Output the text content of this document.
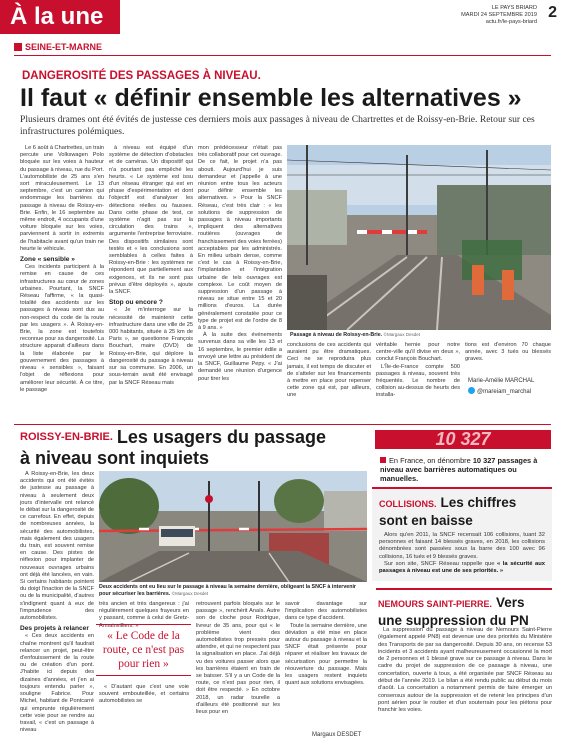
À la une	LE PAYS BRIARD
MARDI 24 SEPTEMBRE 2019
actu.fr/le-pays-briard
2
SEINE-ET-MARNE
DANGEROSITÉ DES PASSAGES À NIVEAU.
Il faut « définir ensemble les alternatives »
Plusieurs drames ont été évités de justesse ces derniers mois aux passages à niveau de Chartrettes et de Roissy-en-Brie. Retour sur ces infrastructures polémiques.

Le 6 août à Chartrettes, un train percute une Volkswagen Polo bloquée sur les voies à hauteur du passage à niveau, rue du Port. L'automobiliste de 25 ans s'en sort miraculeusement. Le 13 septembre, c'est un camion qui endommage les barrières du passage à niveau de Roissy-en-Brie. Enfin, le 16 septembre au même endroit, 4 occupants d'une voiture bloquée sur les voies, parviennent à sortir in extremis de l'habitacle avant qu'un train ne heurte le véhicule.

Zone « sensible »

Ces incidents participent à la remise en cause de ces infrastructures au cœur de zones urbaines. Pourtant, la SNCF Réseau l'affirme, « la quasi-totalité des accidents sur les passages à niveau sont dus au non-respect du code de la route par les usagers ». À Roissy-en-Brie, la zone est toutefois reconnue pour sa dangerosité. La structure apparait d'ailleurs dans la liste élaborée par le gouvernement des passages à niveau « sensibles », faisant l'objet de réflexions pour améliorer leur sécurité. À ce titre, le passage

à niveau est équipé d'un système de détection d'obstacles et de caméras. Un dispositif qui n'a pourtant pas empêché les heurts. « Le système est issu d'un réseau étranger qui est en phase d'expérimentation et dont l'objectif est d'analyser les détections réelles ou fausses. Dans cette phase de test, ce système n'agit pas sur la circulation des trains », argumente l'entreprise ferroviaire. Des dispositifs similaires sont testés et « les conclusions sont semblables à celles faites à Roissy-en-Brie : les systèmes ne répondent que partiellement aux exigences, et ils ne sont pas prévus d'être déployés », ajoute la SNCF.

Stop ou encore ?

« Je m'interroge sur la nécessité de maintenir cette infrastructure dans une ville de 25 000 habitants, située à 25 km de Paris », se questionne François Bouchart, maire (DVD) de Roissy-en-Brie, qui déplore la dangerosité du passage à niveau sur sa commune. En 2006, un sous-terrain avait été envisagé par la SNCF Réseau mais

mon prédécesseur n'était pas très collaboratif pour cet ouvrage. De ce fait, le projet n'a pas abouti. Aujourd'hui je suis demandeur et j'appelle à une réunion entre tous les acteurs pour définir ensemble les alternatives. » Pour la SNCF Réseau, c'est très clair : « les solutions de suppression de passages à niveau importants impliquent des alternatives routières (ouvrages de franchissement des voies ferrées) acceptables par les administrés. En milieu urbain dense, comme c'est le cas à Roissy-en-Brie, l'implantation et l'intégration urbaine de tels ouvrages est complexe. Le coût moyen de suppression d'un passage à niveau se situe entre 15 et 20 millions d'euros. La durée généralement constatée pour ce type de projet est de l'ordre de 8 à 9 ans. »

À la suite des événements survenus dans sa ville les 13 et 16 septembre, le premier édile a envoyé une lettre au président de la SNCF, Guillaume Pepy. « J'ai demandé une réunion d'urgence pour tirer les

Passage à niveau de Roissy-en-Brie. ©Margaux Desdet

conclusions de ces accidents qui auraient pu être dramatiques. Ceci ne se reproduira plus jamais, il est temps de discuter et de s'atteler sur les financements à mettre en place pour repenser cette zone qui est, par ailleurs, une

véritable hernie pour notre centre-ville qu'il divise en deux », conclut François Bouchart.

L'Île-de-France compte 500 passages à niveau, souvent très fréquentés. Le nombre de collision au-dessus de heurts des installa-

tions est d'environ 70 chaque année, avec 3 tués ou blessés graves.

Marie-Amélie MARCHAL
@mareiam_marchal
ROISSY-EN-BRIE. Les usagers du passage
à niveau sont inquiets
10 327
En France, on dénombre 10 327 passages à niveau avec barrières automatiques ou manuelles.

À Roissy-en-Brie, les deux accidents qui ont été évités de justesse au passage à niveau à seulement deux jours d'intervalle ont relancé le débat sur la dangerosité de ce carrefour. En effet, depuis de nombreuses années, la sécurité des automobilistes, mais également des usagers du train, est souvent remise en cause. Des pistes de réflexion pour implanter de nouveaux ouvrages urbains ont déjà été lancées, en vain. Si certains habitants pointent du doigt l'inaction de la SNCF ou de la municipalité, d'autres s'indignent quant à eux de l'imprudence des automobilistes.

Des projets à relancer

« Ces deux accidents en chaîne montrent qu'il faudrait relancer un projet, peut-être d'enfouissement de la route ou de création d'un pont. J'habite ici depuis des dizaines d'années, et j'en ai toujours entendu parler », souligne Fabrice. Pour Michel, habitant de Pontcarré qui emprunte régulièrement cette voie pour se rendre au travail, « c'est un passage à niveau

Deux accidents ont eu lieu sur le passage à niveau la semaine dernière, obligeant la SNCF à intervenir pour sécuriser les barrières. ©Margaux Desdet

très ancien et très dangereux : j'ai régulièrement quelques frayeurs en y passant, comme à celui de Gretz-Armainvilliers. »

« D'autant que c'est une voie souvent embouteillée, et certains automobilistes se

« Le Code de la route, ce n'est pas pour rien »

retrouvent parfois bloqués sur le passage », renchérit Anaïs. Autre son de cloche pour Rodrigue, livreur de 35 ans, pour qui « le problème vient des automobilistes trop pressés pour attendre, et qui ne respectent pas la signalisation en place. J'ai déjà vu des voitures passer alors que les barrières étaient en train de se baisser. S'il y a un Code de la route, ce n'est pas pour rien, il doit être respecté. » En octobre 2018, un radar tourelle a d'ailleurs été positionné sur les lieux pour en

savoir davantage sur l'implication des automobilistes dans ce type d'accident.

Toute la semaine dernière, une déviation a été mise en place autour du passage à niveau et la SNCF était présente pour réparer et réaliser les travaux de sécurisation pour permettre la réouverture du passage. Mais les usagers restent inquiets quant aux solutions envisagées.

Margaux DESDET
COLLISIONS. Les chiffres
sont en baisse

Alors qu'en 2011, la SNCF recensait 106 collisions, tuant 32 personnes et faisant 14 blessés graves, en 2018, les collisions dénombrées sont passées sous la barre des 100 avec 96 collisions, 16 tués et 9 blessés graves.

Sur son site, SNCF Réseau rappelle que « la sécurité aux passages à niveau est une de ses priorités. »

NEMOURS SAINT-PIERRE. Vers
une suppression du PN

La suppression du passage à niveau de Nemours Saint-Pierre (également appelé PN8) est devenue une des priorités du Ministère des Transports de par sa dangerosité. Depuis 30 ans, on recense 53 incidents et 3 accidents ayant malheureusement occasionné la mort de 2 personnes et 1 blessé grave sur ce passage à niveau. Dans le cadre du projet de suppression de ce passage à niveau, une concertation, ouverte à tous, a été organisée par SNCF Réseau au début de l'année 2019. Le bilan a été rendu public au début du mois d'août. La concertation a notamment permis de faire émerger un consensus autour de la suppression et de retenir les principes d'un pont aérien pour le routier et d'un souterrain pour les piétons pour franchir les voies.
